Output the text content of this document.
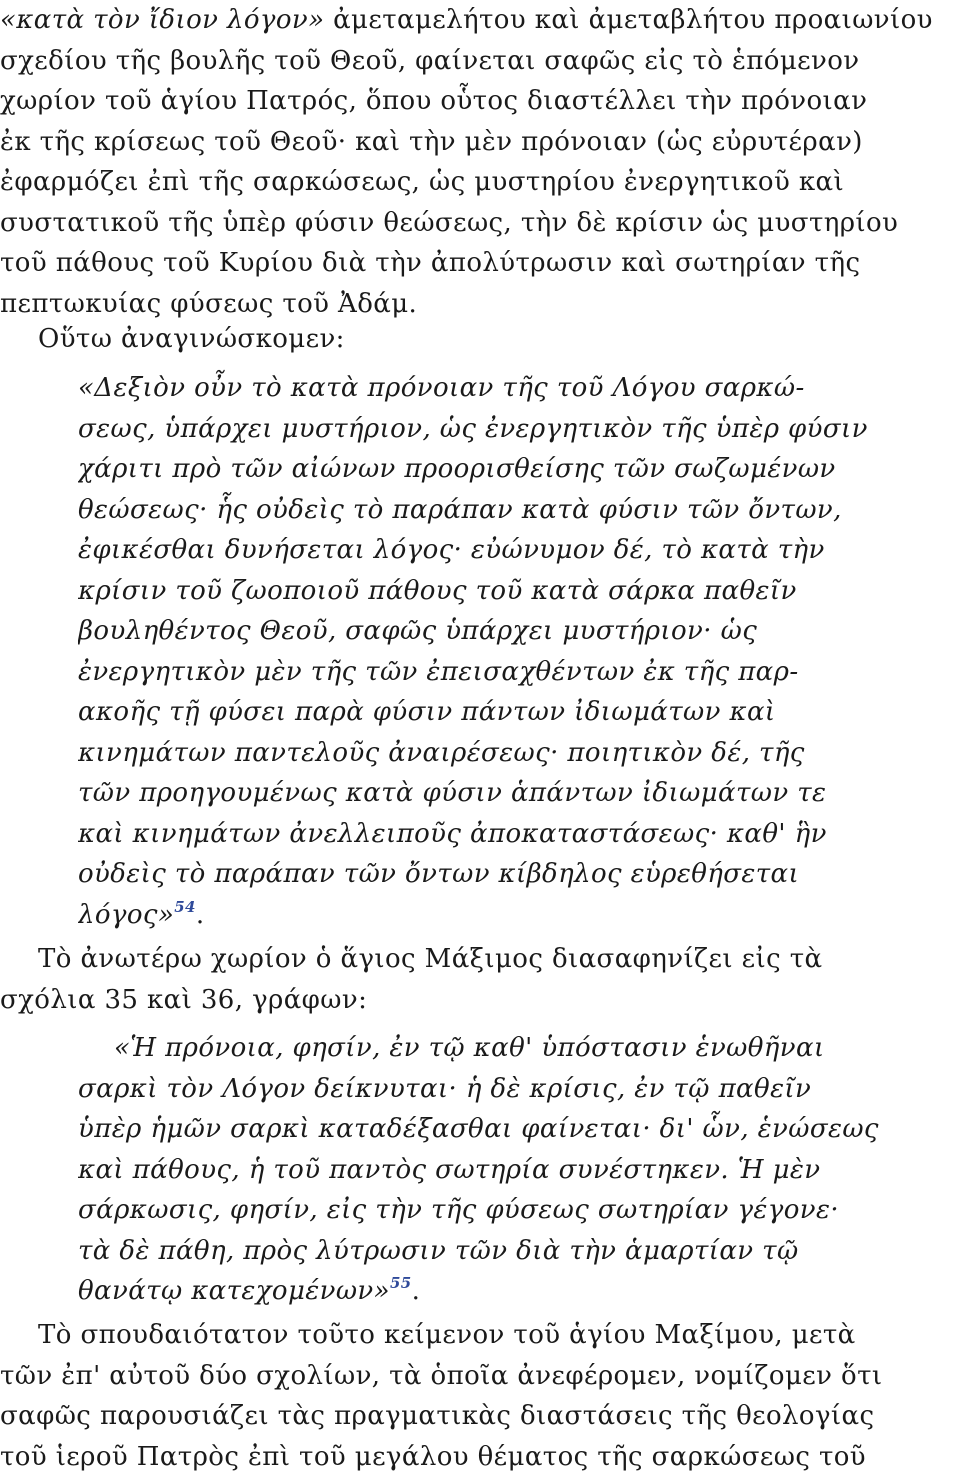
«κατὰ τὸν ἴδιον λόγον» ἀμεταμελήτου καὶ ἀμεταβλήτου προαιωνίου
σχεδίου τῆς βουλῆς τοῦ Θεοῦ, φαίνεται σαφῶς εἰς τὸ ἑπόμενον
χωρίον τοῦ ἁγίου Πατρός, ὅπου οὗτος διαστέλλει τὴν πρόνοιαν
ἐκ τῆς κρίσεως τοῦ Θεοῦ· καὶ τὴν μὲν πρόνοιαν (ὡς εὐρυτέραν)
ἐφαρμόζει ἐπὶ τῆς σαρκώσεως, ὡς μυστηρίου ἐνεργητικοῦ καὶ
συστατικοῦ τῆς ὑπὲρ φύσιν θεώσεως, τὴν δὲ κρίσιν ὡς μυστηρίου
τοῦ πάθους τοῦ Κυρίου διὰ τὴν ἀπολύτρωσιν καὶ σωτηρίαν τῆς
πεπτωκυίας φύσεως τοῦ Ἀδάμ.
Οὕτω ἀναγινώσκομεν:
«Δεξιὸν οὖν τὸ κατὰ πρόνοιαν τῆς τοῦ Λόγου σαρκώ-
σεως, ὑπάρχει μυστήριον, ὡς ἐνεργητικὸν τῆς ὑπὲρ φύσιν
χάριτι πρὸ τῶν αἰώνων προορισθείσης τῶν σωζωμένων
θεώσεως· ἧς οὐδεὶς τὸ παράπαν κατὰ φύσιν τῶν ὄντων,
ἐφικέσθαι δυνήσεται λόγος· εὐώνυμον δέ, τὸ κατὰ τὴν
κρίσιν τοῦ ζωοποιοῦ πάθους τοῦ κατὰ σάρκα παθεῖν
βουληθέντος Θεοῦ, σαφῶς ὑπάρχει μυστήριον· ὡς
ἐνεργητικὸν μὲν τῆς τῶν ἐπεισαχθέντων ἐκ τῆς παρ-
ακοῆς τῇ φύσει παρὰ φύσιν πάντων ἰδιωμάτων καὶ
κινημάτων παντελοῦς ἀναιρέσεως· ποιητικὸν δέ, τῆς
τῶν προηγουμένως κατὰ φύσιν ἁπάντων ἰδιωμάτων τε
καὶ κινημάτων ἀνελλειποῦς ἀποκαταστάσεως· καθ' ἣν
οὐδεὶς τὸ παράπαν τῶν ὄντων κίβδηλος εὑρεθήσεται
λόγος»$^{54}$.
Τὸ ἀνωτέρω χωρίον ὁ ἅγιος Μάξιμος διασαφηνίζει εἰς τὰ
σχόλια 35 καὶ 36, γράφων:
«Ἡ πρόνοια, φησίν, ἐν τῷ καθ' ὑπόστασιν ἑνωθῆναι
σαρκὶ τὸν Λόγον δείκνυται· ἡ δὲ κρίσις, ἐν τῷ παθεῖν
ὑπὲρ ἡμῶν σαρκὶ καταδέξασθαι φαίνεται· δι' ὧν, ἑνώσεως
καὶ πάθους, ἡ τοῦ παντὸς σωτηρία συνέστηκεν. Ἡ μὲν
σάρκωσις, φησίν, εἰς τὴν τῆς φύσεως σωτηρίαν γέγονε·
τὰ δὲ πάθη, πρὸς λύτρωσιν τῶν διὰ τὴν ἁμαρτίαν τῷ
θανάτῳ κατεχομένων»$^{55}$.
Τὸ σπουδαιότατον τοῦτο κείμενον τοῦ ἁγίου Μαξίμου, μετὰ
τῶν ἐπ' αὐτοῦ δύο σχολίων, τὰ ὁποῖα ἀνεφέρομεν, νομίζομεν ὅτι
σαφῶς παρουσιάζει τὰς πραγματικὰς διαστάσεις τῆς θεολογίας
τοῦ ἱεροῦ Πατρὸς ἐπὶ τοῦ μεγάλου θέματος τῆς σαρκώσεως τοῦ
